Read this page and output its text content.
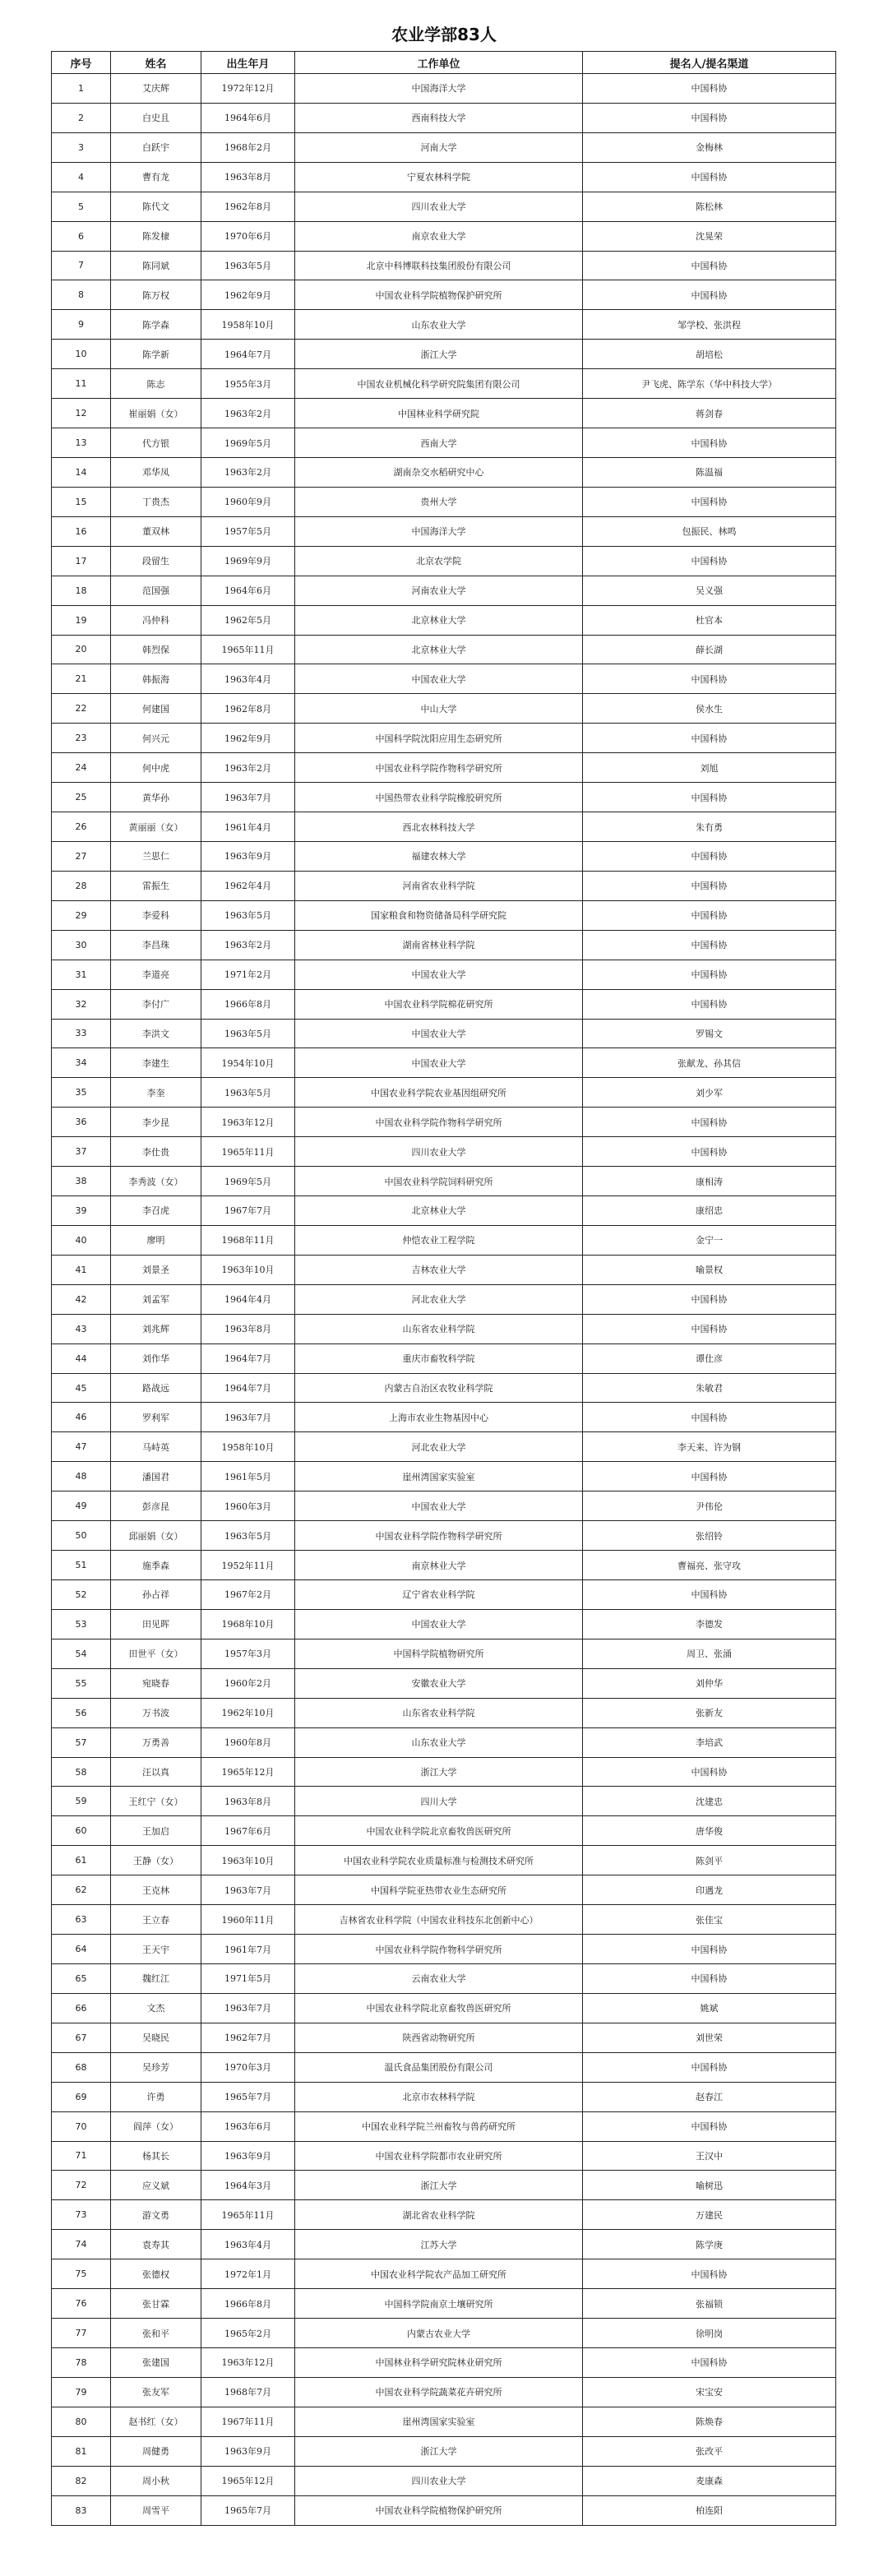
农业学部83人
序号	姓名	出生年月	工作单位	提名人/提名渠道
1	艾庆辉	1972年12月	中国海洋大学	中国科协
2	白史且	1964年6月	西南科技大学	中国科协
3	白跃宇	1968年2月	河南大学	金梅林
4	曹有龙	1963年8月	宁夏农林科学院	中国科协
5	陈代文	1962年8月	四川农业大学	陈松林
6	陈发棣	1970年6月	南京农业大学	沈晃荣
7	陈同斌	1963年5月	北京中科博联科技集团股份有限公司	中国科协
8	陈万权	1962年9月	中国农业科学院植物保护研究所	中国科协
9	陈学森	1958年10月	山东农业大学	邹学校、张洪程
10	陈学新	1964年7月	浙江大学	胡培松
11	陈志	1955年3月	中国农业机械化科学研究院集团有限公司	尹飞虎、陈学东（华中科技大学）
12	崔丽娟（女）	1963年2月	中国林业科学研究院	蒋剑春
13	代方银	1969年5月	西南大学	中国科协
14	邓华凤	1963年2月	湖南杂交水稻研究中心	陈温福
15	丁贵杰	1960年9月	贵州大学	中国科协
16	董双林	1957年5月	中国海洋大学	包振民、林鸣
17	段留生	1969年9月	北京农学院	中国科协
18	范国强	1964年6月	河南农业大学	吴义强
19	冯仲科	1962年5月	北京林业大学	杜官本
20	韩烈保	1965年11月	北京林业大学	薛长湖
21	韩振海	1963年4月	中国农业大学	中国科协
22	何建国	1962年8月	中山大学	侯水生
23	何兴元	1962年9月	中国科学院沈阳应用生态研究所	中国科协
24	何中虎	1963年2月	中国农业科学院作物科学研究所	刘旭
25	黄华孙	1963年7月	中国热带农业科学院橡胶研究所	中国科协
26	黄丽丽（女）	1961年4月	西北农林科技大学	朱有勇
27	兰思仁	1963年9月	福建农林大学	中国科协
28	雷振生	1962年4月	河南省农业科学院	中国科协
29	李爱科	1963年5月	国家粮食和物资储备局科学研究院	中国科协
30	李昌珠	1963年2月	湖南省林业科学院	中国科协
31	李道亮	1971年2月	中国农业大学	中国科协
32	李付广	1966年8月	中国农业科学院棉花研究所	中国科协
33	李洪文	1963年5月	中国农业大学	罗锡文
34	李建生	1954年10月	中国农业大学	张献龙、孙其信
35	李奎	1963年5月	中国农业科学院农业基因组研究所	刘少军
36	李少昆	1963年12月	中国农业科学院作物科学研究所	中国科协
37	李仕贵	1965年11月	四川农业大学	中国科协
38	李秀波（女）	1969年5月	中国农业科学院饲料研究所	康相涛
39	李召虎	1967年7月	北京林业大学	康绍忠
40	廖明	1968年11月	仲恺农业工程学院	金宁一
41	刘景圣	1963年10月	吉林农业大学	喻景权
42	刘孟军	1964年4月	河北农业大学	中国科协
43	刘兆辉	1963年8月	山东省农业科学院	中国科协
44	刘作华	1964年7月	重庆市畜牧科学院	谭仕彦
45	路战远	1964年7月	内蒙古自治区农牧业科学院	朱敏君
46	罗利军	1963年7月	上海市农业生物基因中心	中国科协
47	马峙英	1958年10月	河北农业大学	李天来、许为钢
48	潘国君	1961年5月	崖州湾国家实验室	中国科协
49	彭彦昆	1960年3月	中国农业大学	尹伟伦
50	邱丽娟（女）	1963年5月	中国农业科学院作物科学研究所	张绍铃
51	施季森	1952年11月	南京林业大学	曹福亮、张守攻
52	孙占祥	1967年2月	辽宁省农业科学院	中国科协
53	田见晖	1968年10月	中国农业大学	李德发
54	田世平（女）	1957年3月	中国科学院植物研究所	周卫、张涌
55	宛晓春	1960年2月	安徽农业大学	刘仲华
56	万书波	1962年10月	山东省农业科学院	张新友
57	万勇善	1960年8月	山东农业大学	李培武
58	汪以真	1965年12月	浙江大学	中国科协
59	王红宁（女）	1963年8月	四川大学	沈建忠
60	王加启	1967年6月	中国农业科学院北京畜牧兽医研究所	唐华俊
61	王静（女）	1963年10月	中国农业科学院农业质量标准与检测技术研究所	陈剑平
62	王克林	1963年7月	中国科学院亚热带农业生态研究所	印遇龙
63	王立春	1960年11月	吉林省农业科学院（中国农业科技东北创新中心）	张佳宝
64	王天宇	1961年7月	中国农业科学院作物科学研究所	中国科协
65	魏红江	1971年5月	云南农业大学	中国科协
66	文杰	1963年7月	中国农业科学院北京畜牧兽医研究所	姚斌
67	吴晓民	1962年7月	陕西省动物研究所	刘世荣
68	吴珍芳	1970年3月	温氏食品集团股份有限公司	中国科协
69	许勇	1965年7月	北京市农林科学院	赵春江
70	阎萍（女）	1963年6月	中国农业科学院兰州畜牧与兽药研究所	中国科协
71	杨其长	1963年9月	中国农业科学院都市农业研究所	王汉中
72	应义斌	1964年3月	浙江大学	喻树迅
73	游文勇	1965年11月	湖北省农业科学院	万建民
74	袁寿其	1963年4月	江苏大学	陈学庚
75	张德权	1972年1月	中国农业科学院农产品加工研究所	中国科协
76	张甘霖	1966年8月	中国科学院南京土壤研究所	张福锁
77	张和平	1965年2月	内蒙古农业大学	徐明岗
78	张建国	1963年12月	中国林业科学研究院林业研究所	中国科协
79	张友军	1968年7月	中国农业科学院蔬菜花卉研究所	宋宝安
80	赵书红（女）	1967年11月	崖州湾国家实验室	陈焕春
81	周健勇	1963年9月	浙江大学	张改平
82	周小秋	1965年12月	四川农业大学	麦康森
83	周雪平	1965年7月	中国农业科学院植物保护研究所	柏连阳
